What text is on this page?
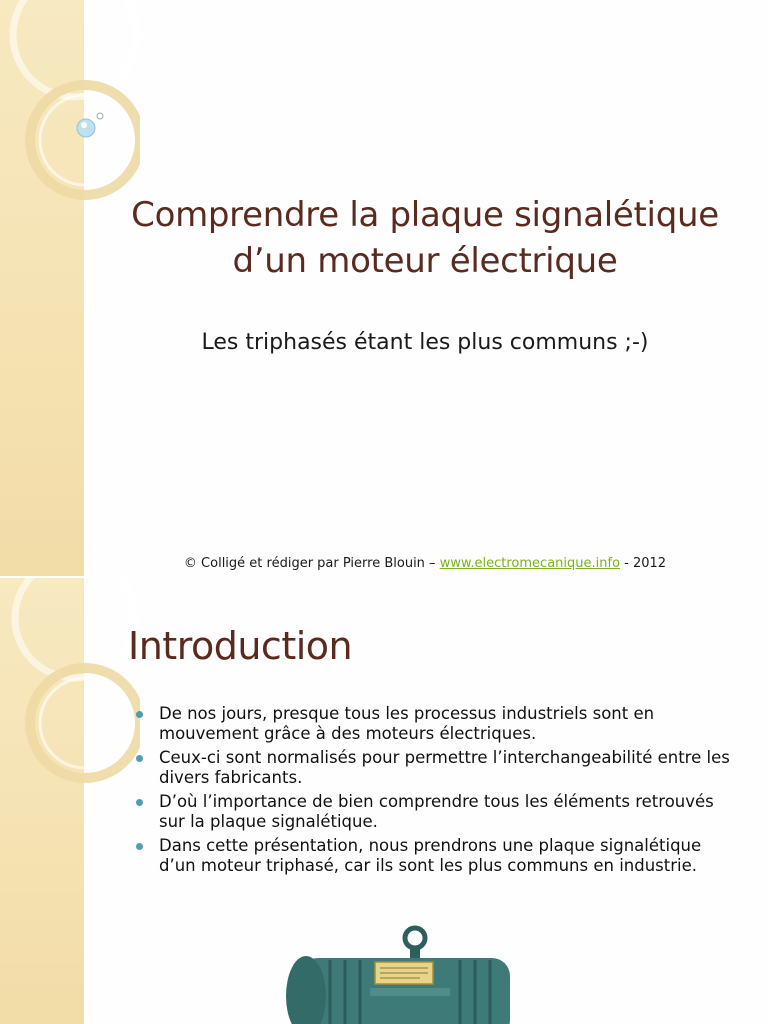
Comprendre la plaque signalétique
d’un moteur électrique
Les triphasés étant les plus communs ;-)
© Colligé et rédiger par Pierre Blouin – www.electromecanique.info - 2012
Introduction
De nos jours, presque tous les processus industriels sont en mouvement grâce à des moteurs électriques.
Ceux-ci sont normalisés pour permettre l’interchangeabilité entre les divers fabricants.
D’où l’importance de bien comprendre tous les éléments retrouvés sur la plaque signalétique.
Dans cette présentation, nous prendrons une plaque signalétique d’un moteur triphasé, car ils sont les plus communs en industrie.
